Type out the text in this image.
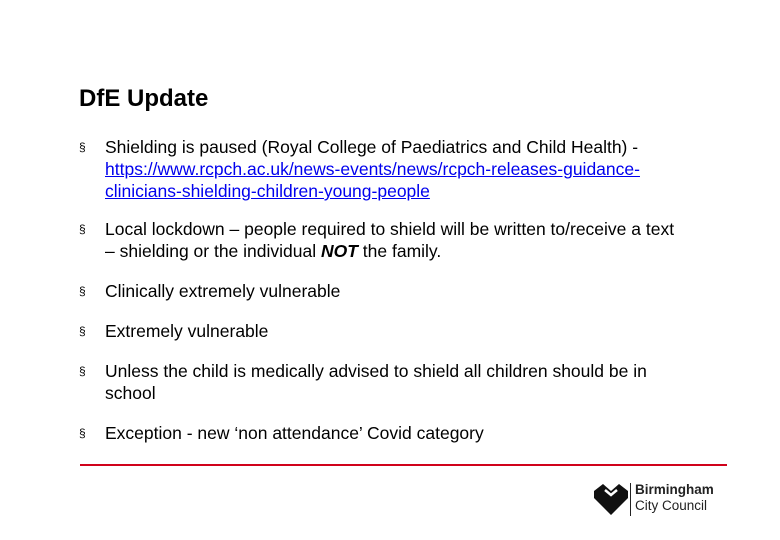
DfE Update
§ Shielding is paused (Royal College of Paediatrics and Child Health) - https://www.rcpch.ac.uk/news-events/news/rcpch-releases-guidance-clinicians-shielding-children-young-people
§ Local lockdown – people required to shield will be written to/receive a text – shielding or the individual NOT the family.
§ Clinically extremely vulnerable
§ Extremely vulnerable
§ Unless the child is medically advised to shield all children should be in school
§ Exception - new ‘non attendance’ Covid category
Birmingham
City Council
